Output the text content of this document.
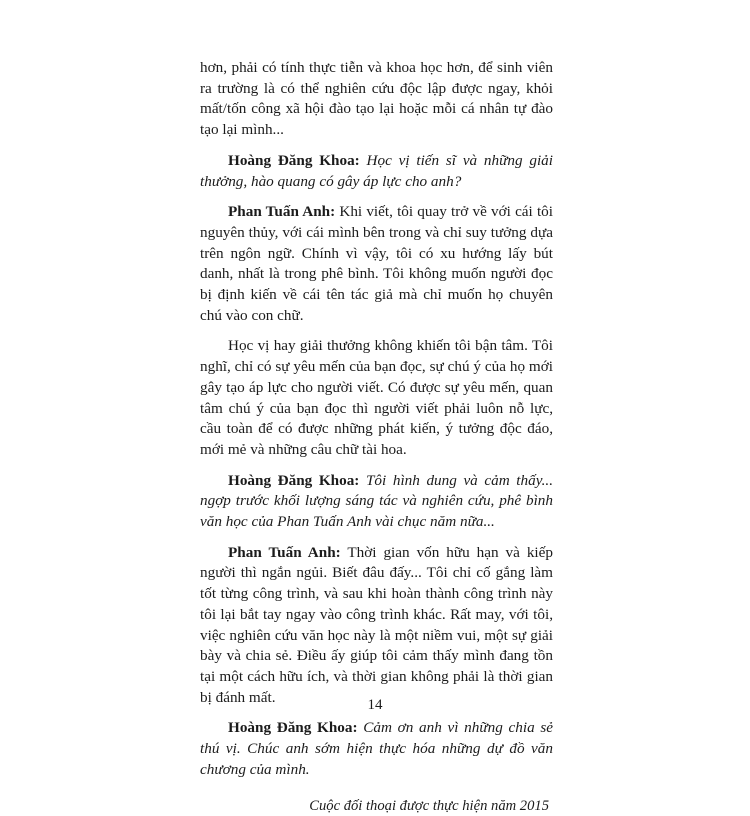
hơn, phải có tính thực tiễn và khoa học hơn, để sinh viên ra trường là có thể nghiên cứu độc lập được ngay, khỏi mất/tốn công xã hội đào tạo lại hoặc mỗi cá nhân tự đào tạo lại mình...

Hoàng Đăng Khoa: Học vị tiến sĩ và những giải thưởng, hào quang có gây áp lực cho anh?

Phan Tuấn Anh: Khi viết, tôi quay trở về với cái tôi nguyên thủy, với cái mình bên trong và chỉ suy tưởng dựa trên ngôn ngữ. Chính vì vậy, tôi có xu hướng lấy bút danh, nhất là trong phê bình. Tôi không muốn người đọc bị định kiến về cái tên tác giả mà chỉ muốn họ chuyên chú vào con chữ.

Học vị hay giải thưởng không khiến tôi bận tâm. Tôi nghĩ, chỉ có sự yêu mến của bạn đọc, sự chú ý của họ mới gây tạo áp lực cho người viết. Có được sự yêu mến, quan tâm chú ý của bạn đọc thì người viết phải luôn nỗ lực, cầu toàn để có được những phát kiến, ý tưởng độc đáo, mới mẻ và những câu chữ tài hoa.

Hoàng Đăng Khoa: Tôi hình dung và cảm thấy... ngợp trước khối lượng sáng tác và nghiên cứu, phê bình văn học của Phan Tuấn Anh vài chục năm nữa...

Phan Tuấn Anh: Thời gian vốn hữu hạn và kiếp người thì ngắn ngủi. Biết đâu đấy... Tôi chỉ cố gắng làm tốt từng công trình, và sau khi hoàn thành công trình này tôi lại bắt tay ngay vào công trình khác. Rất may, với tôi, việc nghiên cứu văn học này là một niềm vui, một sự giải bày và chia sẻ. Điều ấy giúp tôi cảm thấy mình đang tồn tại một cách hữu ích, và thời gian không phải là thời gian bị đánh mất.

Hoàng Đăng Khoa: Cảm ơn anh vì những chia sẻ thú vị. Chúc anh sớm hiện thực hóa những dự đồ văn chương của mình.

Cuộc đối thoại được thực hiện năm 2015
14
